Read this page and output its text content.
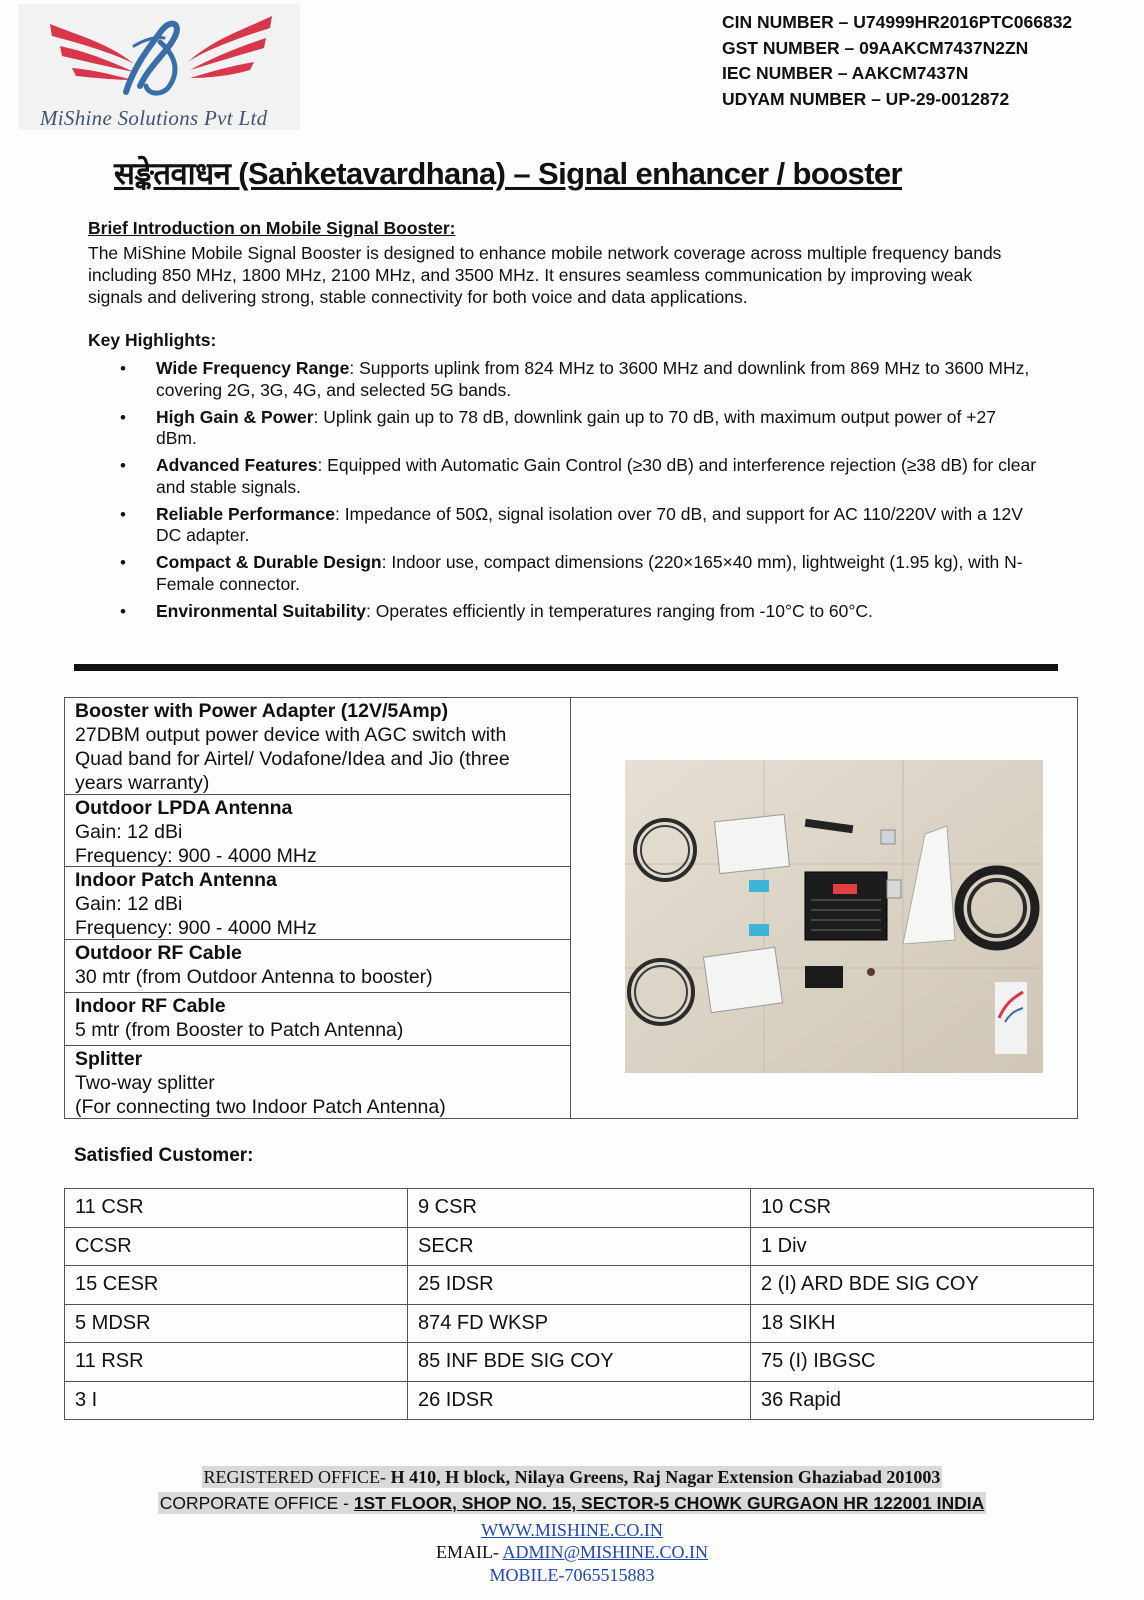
MiShine Solutions Pvt Ltd
CIN NUMBER – U74999HR2016PTC066832
GST NUMBER – 09AAKCM7437N2ZN
IEC NUMBER – AAKCM7437N
UDYAM NUMBER – UP-29-0012872
सङ्केतवाधन (Saṅketavardhana) – Signal enhancer / booster
Brief Introduction on Mobile Signal Booster:
The MiShine Mobile Signal Booster is designed to enhance mobile network coverage across multiple frequency bands including 850 MHz, 1800 MHz, 2100 MHz, and 3500 MHz. It ensures seamless communication by improving weak signals and delivering strong, stable connectivity for both voice and data applications.
Key Highlights:
• Wide Frequency Range: Supports uplink from 824 MHz to 3600 MHz and downlink from 869 MHz to 3600 MHz, covering 2G, 3G, 4G, and selected 5G bands.
• High Gain & Power: Uplink gain up to 78 dB, downlink gain up to 70 dB, with maximum output power of +27 dBm.
• Advanced Features: Equipped with Automatic Gain Control (≥30 dB) and interference rejection (≥38 dB) for clear and stable signals.
• Reliable Performance: Impedance of 50Ω, signal isolation over 70 dB, and support for AC 110/220V with a 12V DC adapter.
• Compact & Durable Design: Indoor use, compact dimensions (220×165×40 mm), lightweight (1.95 kg), with N-Female connector.
• Environmental Suitability: Operates efficiently in temperatures ranging from -10°C to 60°C.
Booster with Power Adapter (12V/5Amp)
27DBM output power device with AGC switch with
Quad band for Airtel/ Vodafone/Idea and Jio (three
years warranty)
Outdoor LPDA Antenna
Gain: 12 dBi
Frequency: 900 - 4000 MHz
Indoor Patch Antenna
Gain: 12 dBi
Frequency: 900 - 4000 MHz
Outdoor RF Cable
30 mtr (from Outdoor Antenna to booster)
Indoor RF Cable
5 mtr (from Booster to Patch Antenna)
Splitter
Two-way splitter
(For connecting two Indoor Patch Antenna)
Satisfied Customer:
11 CSR	9 CSR	10 CSR
CCSR	SECR	1 Div
15 CESR	25 IDSR	2 (I) ARD BDE SIG COY
5 MDSR	874 FD WKSP	18 SIKH
11 RSR	85 INF BDE SIG COY	75 (I) IBGSC
3 I	26 IDSR	36 Rapid
REGISTERED OFFICE- H 410, H block, Nilaya Greens, Raj Nagar Extension Ghaziabad 201003
CORPORATE OFFICE - 1ST FLOOR, SHOP NO. 15, SECTOR-5 CHOWK GURGAON HR 122001 INDIA
WWW.MISHINE.CO.IN
EMAIL- ADMIN@MISHINE.CO.IN
MOBILE-7065515883
